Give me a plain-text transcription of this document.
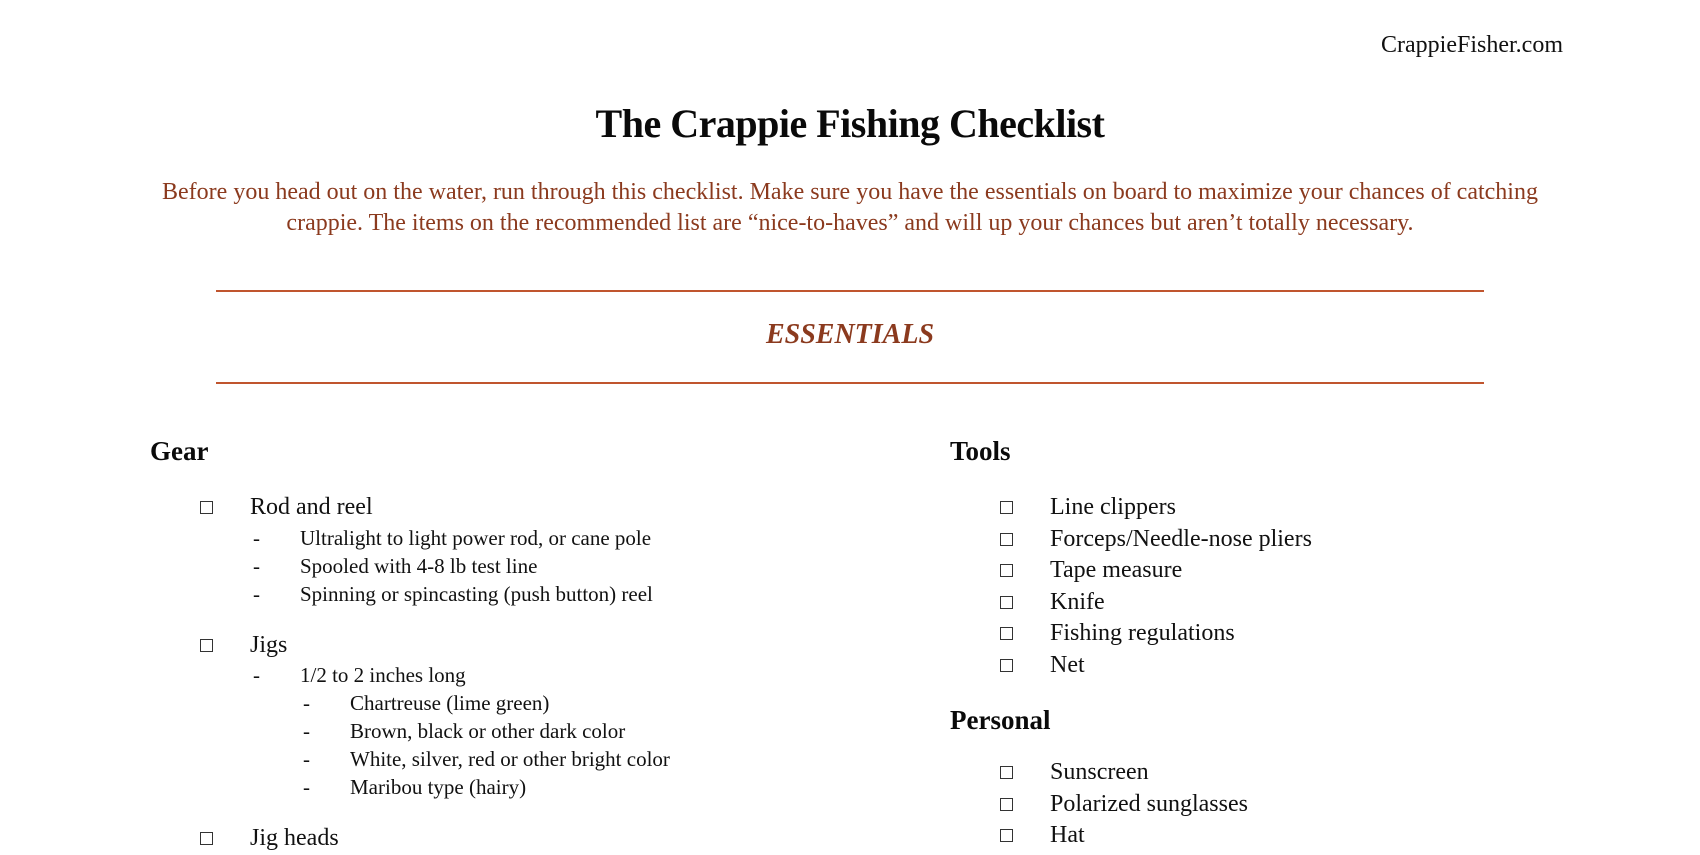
CrappieFisher.com
The Crappie Fishing Checklist
Before you head out on the water, run through this checklist. Make sure you have the essentials on board to maximize your chances of catching crappie. The items on the recommended list are “nice-to-haves” and will up your chances but aren’t totally necessary.
ESSENTIALS
Gear
Rod and reel
- Ultralight to light power rod, or cane pole
- Spooled with 4-8 lb test line
- Spinning or spincasting (push button) reel
Jigs
- 1/2 to 2 inches long
- Chartreuse (lime green)
- Brown, black or other dark color
- White, silver, red or other bright color
- Maribou type (hairy)
Jig heads
Tools
Line clippers
Forceps/Needle-nose pliers
Tape measure
Knife
Fishing regulations
Net
Personal
Sunscreen
Polarized sunglasses
Hat
